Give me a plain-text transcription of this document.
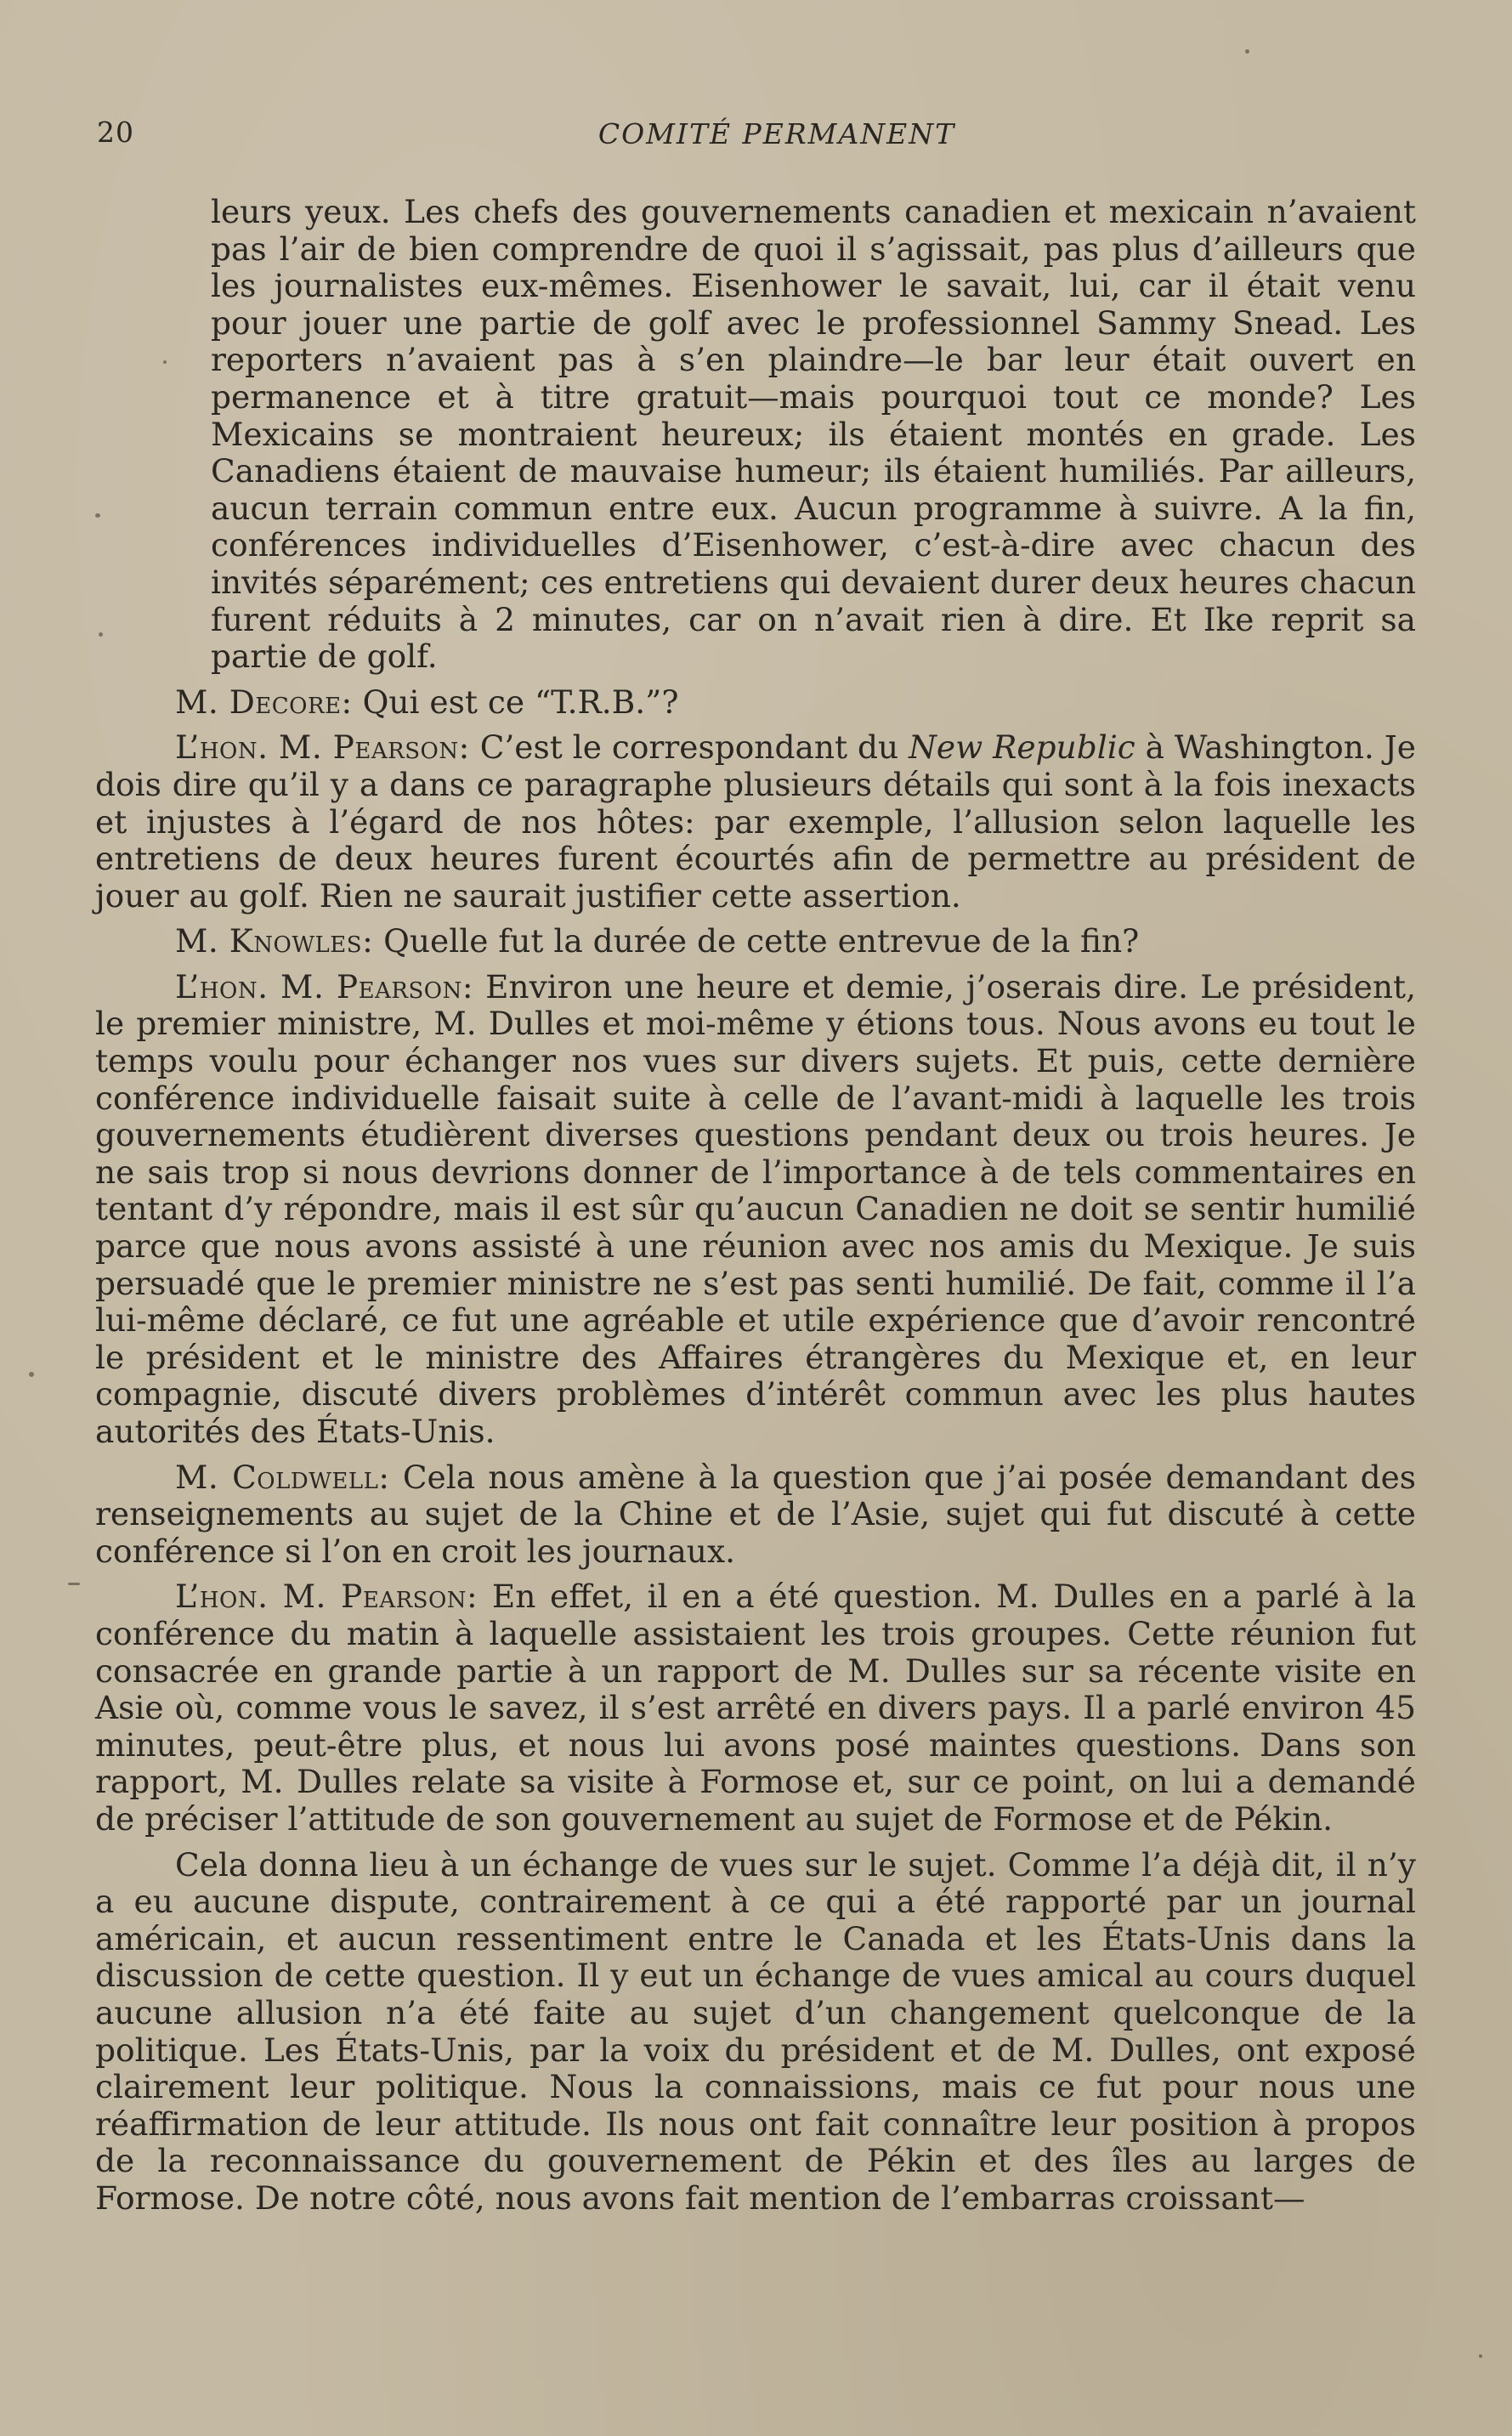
20	COMITÉ PERMANENT

leurs yeux. Les chefs des gouvernements canadien et mexicain n’avaient pas l’air de bien comprendre de quoi il s’agissait, pas plus d’ailleurs que les journalistes eux-mêmes. Eisenhower le savait, lui, car il était venu pour jouer une partie de golf avec le professionnel Sammy Snead. Les reporters n’avaient pas à s’en plaindre—le bar leur était ouvert en permanence et à titre gratuit—mais pourquoi tout ce monde? Les Mexicains se montraient heureux; ils étaient montés en grade. Les Canadiens étaient de mauvaise humeur; ils étaient humiliés. Par ailleurs, aucun terrain commun entre eux. Aucun programme à suivre. A la fin, conférences individuelles d’Eisenhower, c’est-à-dire avec chacun des invités séparément; ces entretiens qui devaient durer deux heures chacun furent réduits à 2 minutes, car on n’avait rien à dire. Et Ike reprit sa partie de golf.

M. Decore: Qui est ce “T.R.B.”?

L’hon. M. Pearson: C’est le correspondant du New Republic à Washington. Je dois dire qu’il y a dans ce paragraphe plusieurs détails qui sont à la fois inexacts et injustes à l’égard de nos hôtes: par exemple, l’allusion selon laquelle les entretiens de deux heures furent écourtés afin de permettre au président de jouer au golf. Rien ne saurait justifier cette assertion.

M. Knowles: Quelle fut la durée de cette entrevue de la fin?

L’hon. M. Pearson: Environ une heure et demie, j’oserais dire. Le président, le premier ministre, M. Dulles et moi-même y étions tous. Nous avons eu tout le temps voulu pour échanger nos vues sur divers sujets. Et puis, cette dernière conférence individuelle faisait suite à celle de l’avant-midi à laquelle les trois gouvernements étudièrent diverses questions pendant deux ou trois heures. Je ne sais trop si nous devrions donner de l’importance à de tels commentaires en tentant d’y répondre, mais il est sûr qu’aucun Canadien ne doit se sentir humilié parce que nous avons assisté à une réunion avec nos amis du Mexique. Je suis persuadé que le premier ministre ne s’est pas senti humilié. De fait, comme il l’a lui-même déclaré, ce fut une agréable et utile expérience que d’avoir rencontré le président et le ministre des Affaires étrangères du Mexique et, en leur compagnie, discuté divers problèmes d’intérêt commun avec les plus hautes autorités des États-Unis.

M. Coldwell: Cela nous amène à la question que j’ai posée demandant des renseignements au sujet de la Chine et de l’Asie, sujet qui fut discuté à cette conférence si l’on en croit les journaux.

L’hon. M. Pearson: En effet, il en a été question. M. Dulles en a parlé à la conférence du matin à laquelle assistaient les trois groupes. Cette réunion fut consacrée en grande partie à un rapport de M. Dulles sur sa récente visite en Asie où, comme vous le savez, il s’est arrêté en divers pays. Il a parlé environ 45 minutes, peut-être plus, et nous lui avons posé maintes questions. Dans son rapport, M. Dulles relate sa visite à Formose et, sur ce point, on lui a demandé de préciser l’attitude de son gouvernement au sujet de Formose et de Pékin.

Cela donna lieu à un échange de vues sur le sujet. Comme l’a déjà dit, il n’y a eu aucune dispute, contrairement à ce qui a été rapporté par un journal américain, et aucun ressentiment entre le Canada et les États-Unis dans la discussion de cette question. Il y eut un échange de vues amical au cours duquel aucune allusion n’a été faite au sujet d’un changement quelconque de la politique. Les États-Unis, par la voix du président et de M. Dulles, ont exposé clairement leur politique. Nous la connaissions, mais ce fut pour nous une réaffirmation de leur attitude. Ils nous ont fait connaître leur position à propos de la reconnaissance du gouvernement de Pékin et des îles au larges de Formose. De notre côté, nous avons fait mention de l’embarras croissant—
